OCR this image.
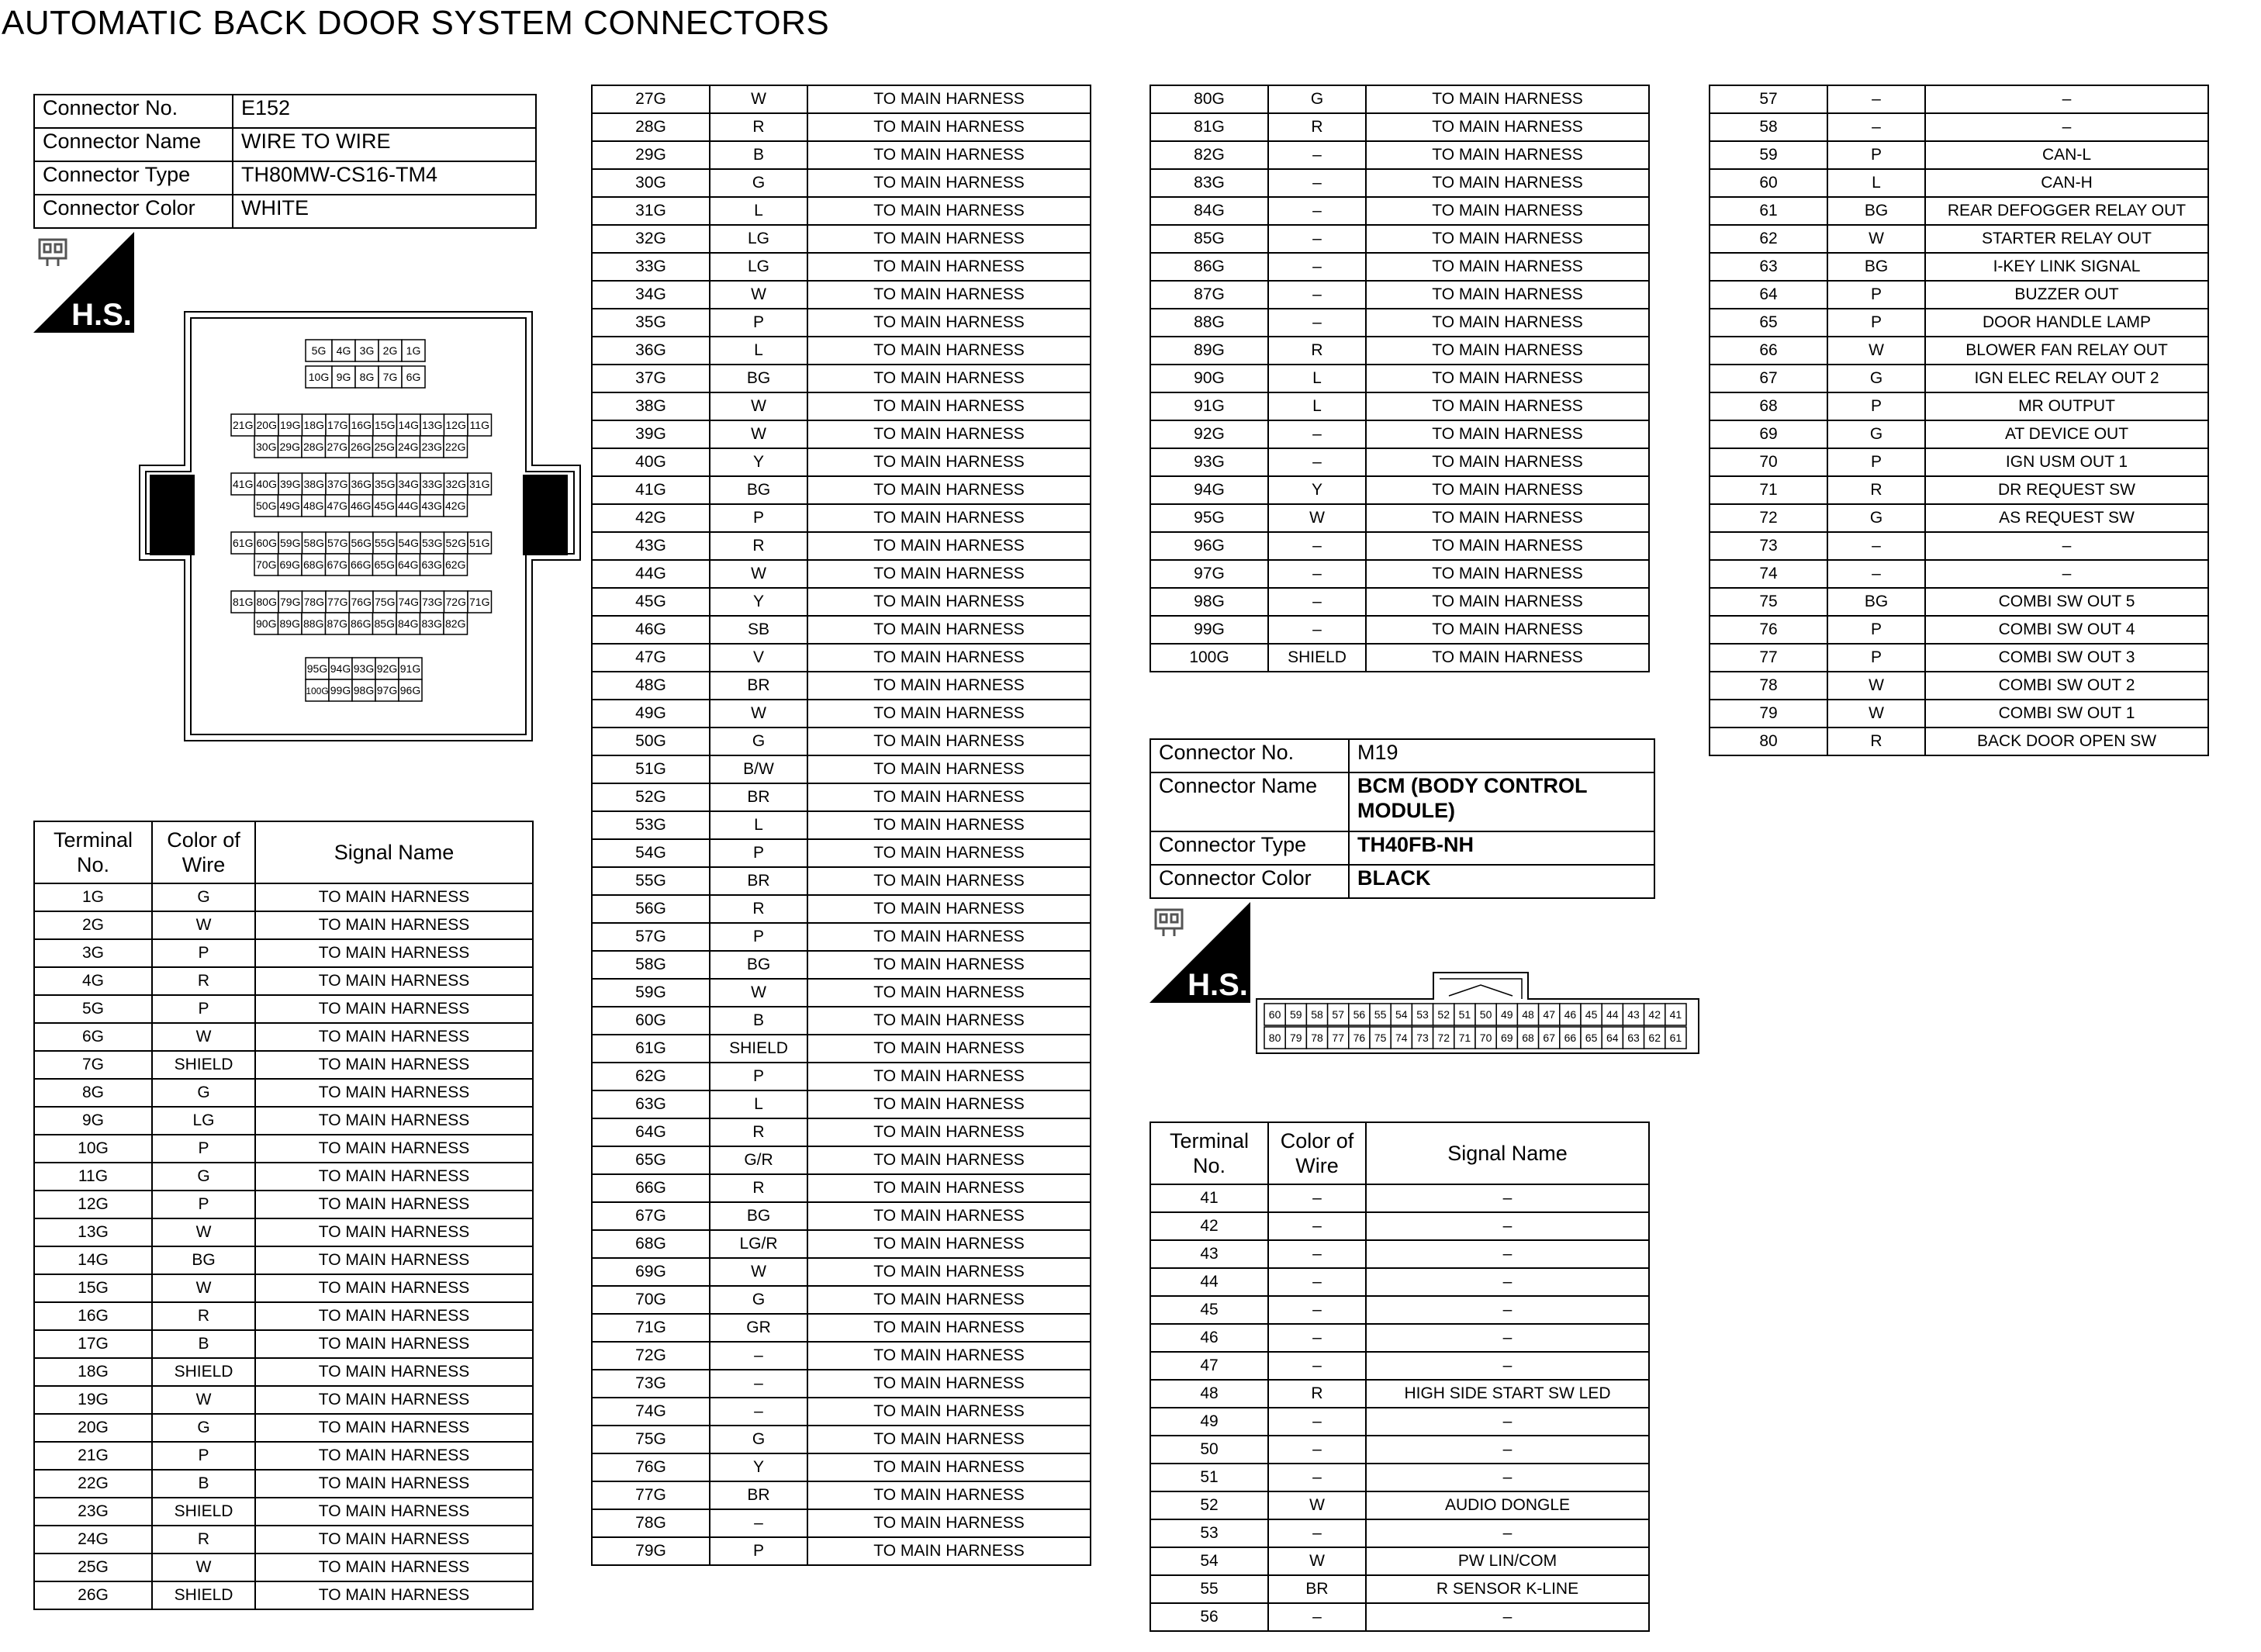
AUTOMATIC BACK DOOR SYSTEM CONNECTORS
Connector No.	E152
Connector Name	WIRE TO WIRE
Connector Type	TH80MW-CS16-TM4
Connector Color	WHITE
H.S.
5G 4G 3G 2G 1G
10G 9G 8G 7G 6G
21G 20G 19G 18G 17G 16G 15G 14G 13G 12G 11G
30G 29G 28G 27G 26G 25G 24G 23G 22G
41G 40G 39G 38G 37G 36G 35G 34G 33G 32G 31G
50G 49G 48G 47G 46G 45G 44G 43G 42G
61G 60G 59G 58G 57G 56G 55G 54G 53G 52G 51G
70G 69G 68G 67G 66G 65G 64G 63G 62G
81G 80G 79G 78G 77G 76G 75G 74G 73G 72G 71G
90G 89G 88G 87G 86G 85G 84G 83G 82G
95G 94G 93G 92G 91G
100G 99G 98G 97G 96G
Terminal
No.	Color of
Wire	Signal Name
1G	G	TO MAIN HARNESS
2G	W	TO MAIN HARNESS
3G	P	TO MAIN HARNESS
4G	R	TO MAIN HARNESS
5G	P	TO MAIN HARNESS
6G	W	TO MAIN HARNESS
7G	SHIELD	TO MAIN HARNESS
8G	G	TO MAIN HARNESS
9G	LG	TO MAIN HARNESS
10G	P	TO MAIN HARNESS
11G	G	TO MAIN HARNESS
12G	P	TO MAIN HARNESS
13G	W	TO MAIN HARNESS
14G	BG	TO MAIN HARNESS
15G	W	TO MAIN HARNESS
16G	R	TO MAIN HARNESS
17G	B	TO MAIN HARNESS
18G	SHIELD	TO MAIN HARNESS
19G	W	TO MAIN HARNESS
20G	G	TO MAIN HARNESS
21G	P	TO MAIN HARNESS
22G	B	TO MAIN HARNESS
23G	SHIELD	TO MAIN HARNESS
24G	R	TO MAIN HARNESS
25G	W	TO MAIN HARNESS
26G	SHIELD	TO MAIN HARNESS
27G	W	TO MAIN HARNESS
28G	R	TO MAIN HARNESS
29G	B	TO MAIN HARNESS
30G	G	TO MAIN HARNESS
31G	L	TO MAIN HARNESS
32G	LG	TO MAIN HARNESS
33G	LG	TO MAIN HARNESS
34G	W	TO MAIN HARNESS
35G	P	TO MAIN HARNESS
36G	L	TO MAIN HARNESS
37G	BG	TO MAIN HARNESS
38G	W	TO MAIN HARNESS
39G	W	TO MAIN HARNESS
40G	Y	TO MAIN HARNESS
41G	BG	TO MAIN HARNESS
42G	P	TO MAIN HARNESS
43G	R	TO MAIN HARNESS
44G	W	TO MAIN HARNESS
45G	Y	TO MAIN HARNESS
46G	SB	TO MAIN HARNESS
47G	V	TO MAIN HARNESS
48G	BR	TO MAIN HARNESS
49G	W	TO MAIN HARNESS
50G	G	TO MAIN HARNESS
51G	B/W	TO MAIN HARNESS
52G	BR	TO MAIN HARNESS
53G	L	TO MAIN HARNESS
54G	P	TO MAIN HARNESS
55G	BR	TO MAIN HARNESS
56G	R	TO MAIN HARNESS
57G	P	TO MAIN HARNESS
58G	BG	TO MAIN HARNESS
59G	W	TO MAIN HARNESS
60G	B	TO MAIN HARNESS
61G	SHIELD	TO MAIN HARNESS
62G	P	TO MAIN HARNESS
63G	L	TO MAIN HARNESS
64G	R	TO MAIN HARNESS
65G	G/R	TO MAIN HARNESS
66G	R	TO MAIN HARNESS
67G	BG	TO MAIN HARNESS
68G	LG/R	TO MAIN HARNESS
69G	W	TO MAIN HARNESS
70G	G	TO MAIN HARNESS
71G	GR	TO MAIN HARNESS
72G	–	TO MAIN HARNESS
73G	–	TO MAIN HARNESS
74G	–	TO MAIN HARNESS
75G	G	TO MAIN HARNESS
76G	Y	TO MAIN HARNESS
77G	BR	TO MAIN HARNESS
78G	–	TO MAIN HARNESS
79G	P	TO MAIN HARNESS
80G	G	TO MAIN HARNESS
81G	R	TO MAIN HARNESS
82G	–	TO MAIN HARNESS
83G	–	TO MAIN HARNESS
84G	–	TO MAIN HARNESS
85G	–	TO MAIN HARNESS
86G	–	TO MAIN HARNESS
87G	–	TO MAIN HARNESS
88G	–	TO MAIN HARNESS
89G	R	TO MAIN HARNESS
90G	L	TO MAIN HARNESS
91G	L	TO MAIN HARNESS
92G	–	TO MAIN HARNESS
93G	–	TO MAIN HARNESS
94G	Y	TO MAIN HARNESS
95G	W	TO MAIN HARNESS
96G	–	TO MAIN HARNESS
97G	–	TO MAIN HARNESS
98G	–	TO MAIN HARNESS
99G	–	TO MAIN HARNESS
100G	SHIELD	TO MAIN HARNESS
Connector No.	M19
Connector Name	BCM (BODY CONTROL MODULE)
Connector Type	TH40FB-NH
Connector Color	BLACK
H.S.
60 59 58 57 56 55 54 53 52 51 50 49 48 47 46 45 44 43 42 41
80 79 78 77 76 75 74 73 72 71 70 69 68 67 66 65 64 63 62 61
Terminal
No.	Color of
Wire	Signal Name
41	–	–
42	–	–
43	–	–
44	–	–
45	–	–
46	–	–
47	–	–
48	R	HIGH SIDE START SW LED
49	–	–
50	–	–
51	–	–
52	W	AUDIO DONGLE
53	–	–
54	W	PW LIN/COM
55	BR	R SENSOR K-LINE
56	–	–
57	–	–
58	–	–
59	P	CAN-L
60	L	CAN-H
61	BG	REAR DEFOGGER RELAY OUT
62	W	STARTER RELAY OUT
63	BG	I-KEY LINK SIGNAL
64	P	BUZZER OUT
65	P	DOOR HANDLE LAMP
66	W	BLOWER FAN RELAY OUT
67	G	IGN ELEC RELAY OUT 2
68	P	MR OUTPUT
69	G	AT DEVICE OUT
70	P	IGN USM OUT 1
71	R	DR REQUEST SW
72	G	AS REQUEST SW
73	–	–
74	–	–
75	BG	COMBI SW OUT 5
76	P	COMBI SW OUT 4
77	P	COMBI SW OUT 3
78	W	COMBI SW OUT 2
79	W	COMBI SW OUT 1
80	R	BACK DOOR OPEN SW
